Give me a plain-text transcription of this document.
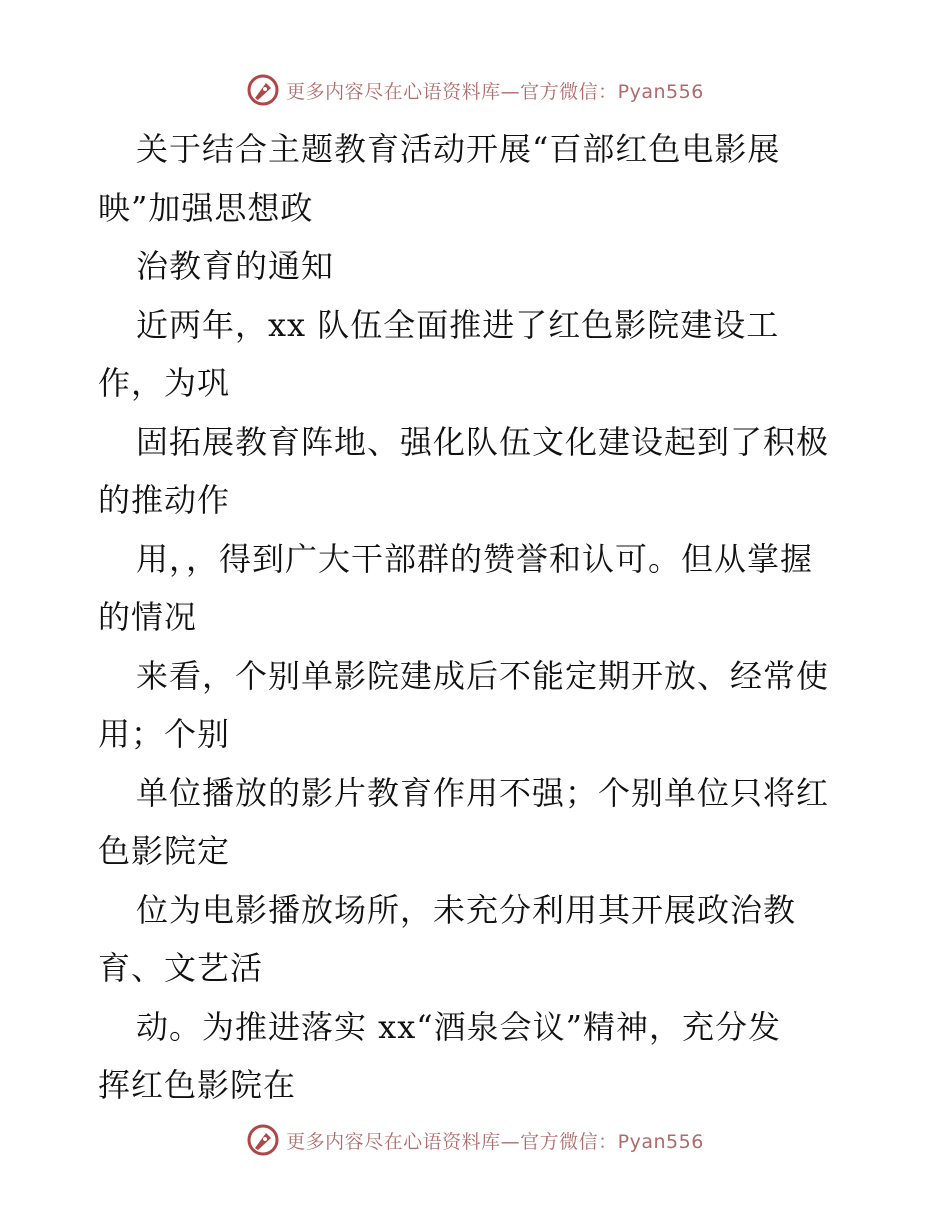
更多内容尽在心语资料库—官方微信：Pyan556
关于结合主题教育活动开展“百部红色电影展
映”加强思想政
治教育的通知
近两年，xx 队伍全面推进了红色影院建设工
作，为巩
固拓展教育阵地、强化队伍文化建设起到了积极
的推动作
用，，得到广大干部群的赞誉和认可。但从掌握
的情况
来看，个别单影院建成后不能定期开放、经常使
用；个别
单位播放的影片教育作用不强；个别单位只将红
色影院定
位为电影播放场所，未充分利用其开展政治教
育、文艺活
动。为推进落实 xx“酒泉会议”精神，充分发
挥红色影院在
更多内容尽在心语资料库—官方微信：Pyan556
